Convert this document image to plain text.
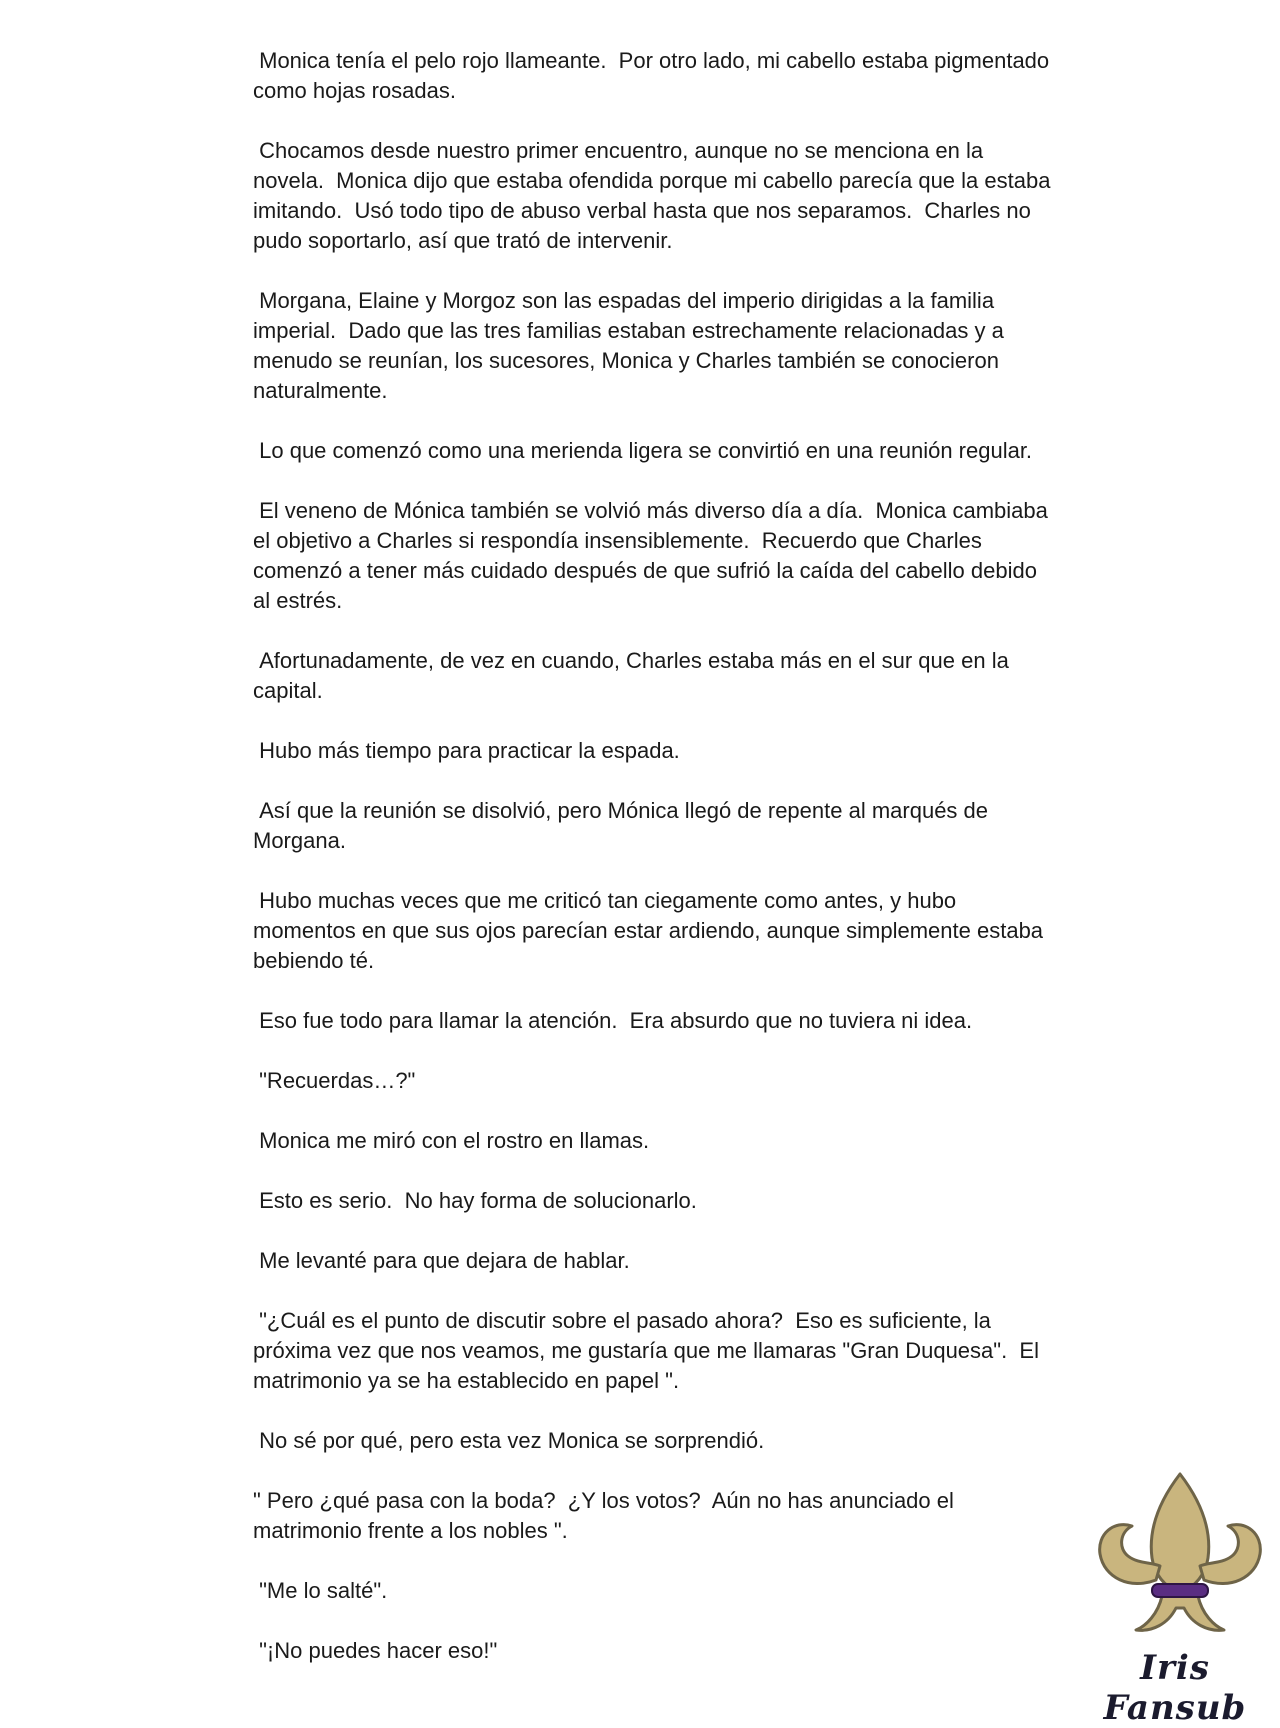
Monica tenía el pelo rojo llameante.  Por otro lado, mi cabello estaba pigmentado como hojas rosadas.

Chocamos desde nuestro primer encuentro, aunque no se menciona en la novela.  Monica dijo que estaba ofendida porque mi cabello parecía que la estaba imitando.  Usó todo tipo de abuso verbal hasta que nos separamos.  Charles no pudo soportarlo, así que trató de intervenir.

Morgana, Elaine y Morgoz son las espadas del imperio dirigidas a la familia imperial.  Dado que las tres familias estaban estrechamente relacionadas y a menudo se reunían, los sucesores, Monica y Charles también se conocieron naturalmente.

Lo que comenzó como una merienda ligera se convirtió en una reunión regular.

El veneno de Mónica también se volvió más diverso día a día.  Monica cambiaba el objetivo a Charles si respondía insensiblemente.  Recuerdo que Charles comenzó a tener más cuidado después de que sufrió la caída del cabello debido al estrés.

Afortunadamente, de vez en cuando, Charles estaba más en el sur que en la capital.

Hubo más tiempo para practicar la espada.

Así que la reunión se disolvió, pero Mónica llegó de repente al marqués de Morgana.

Hubo muchas veces que me criticó tan ciegamente como antes, y hubo momentos en que sus ojos parecían estar ardiendo, aunque simplemente estaba bebiendo té.

Eso fue todo para llamar la atención.  Era absurdo que no tuviera ni idea.

"Recuerdas…?"

Monica me miró con el rostro en llamas.

Esto es serio.  No hay forma de solucionarlo.

Me levanté para que dejara de hablar.

"¿Cuál es el punto de discutir sobre el pasado ahora?  Eso es suficiente, la próxima vez que nos veamos, me gustaría que me llamaras "Gran Duquesa".  El matrimonio ya se ha establecido en papel ".

No sé por qué, pero esta vez Monica se sorprendió.

" Pero ¿qué pasa con la boda?  ¿Y los votos?  Aún no has anunciado el matrimonio frente a los nobles ".

"Me lo salté".

"¡No puedes hacer eso!"	Iris Fansub
